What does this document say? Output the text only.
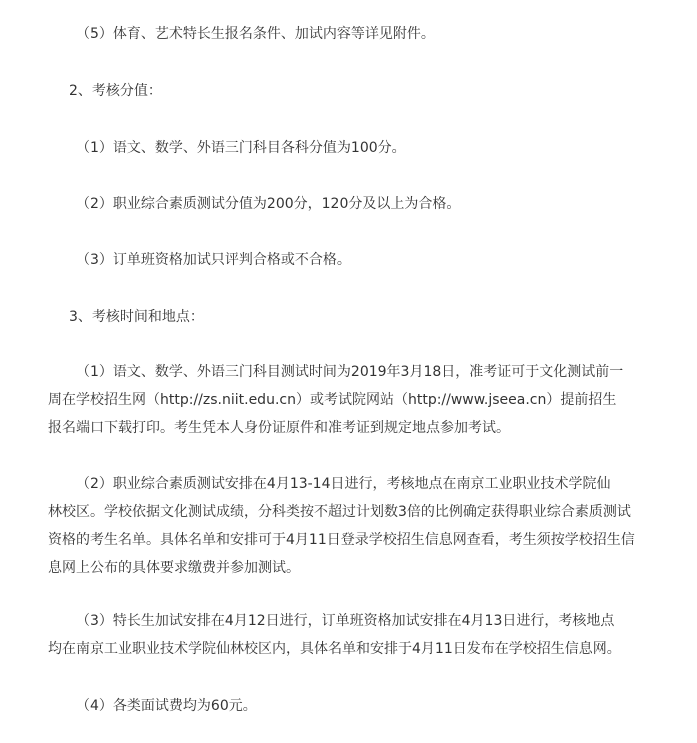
（5）体育、艺术特长生报名条件、加试内容等详见附件。

2、考核分值：

（1）语文、数学、外语三门科目各科分值为100分。

（2）职业综合素质测试分值为200分，120分及以上为合格。

（3）订单班资格加试只评判合格或不合格。

3、考核时间和地点：

（1）语文、数学、外语三门科目测试时间为2019年3月18日，准考证可于文化测试前一
周在学校招生网（http://zs.niit.edu.cn）或考试院网站（http://www.jseea.cn）提前招生
报名端口下载打印。考生凭本人身份证原件和准考证到规定地点参加考试。

（2）职业综合素质测试安排在4月13-14日进行，考核地点在南京工业职业技术学院仙
林校区。学校依据文化测试成绩，分科类按不超过计划数3倍的比例确定获得职业综合素质测试
资格的考生名单。具体名单和安排可于4月11日登录学校招生信息网查看，考生须按学校招生信
息网上公布的具体要求缴费并参加测试。

（3）特长生加试安排在4月12日进行，订单班资格加试安排在4月13日进行，考核地点
均在南京工业职业技术学院仙林校区内，具体名单和安排于4月11日发布在学校招生信息网。

（4）各类面试费均为60元。
